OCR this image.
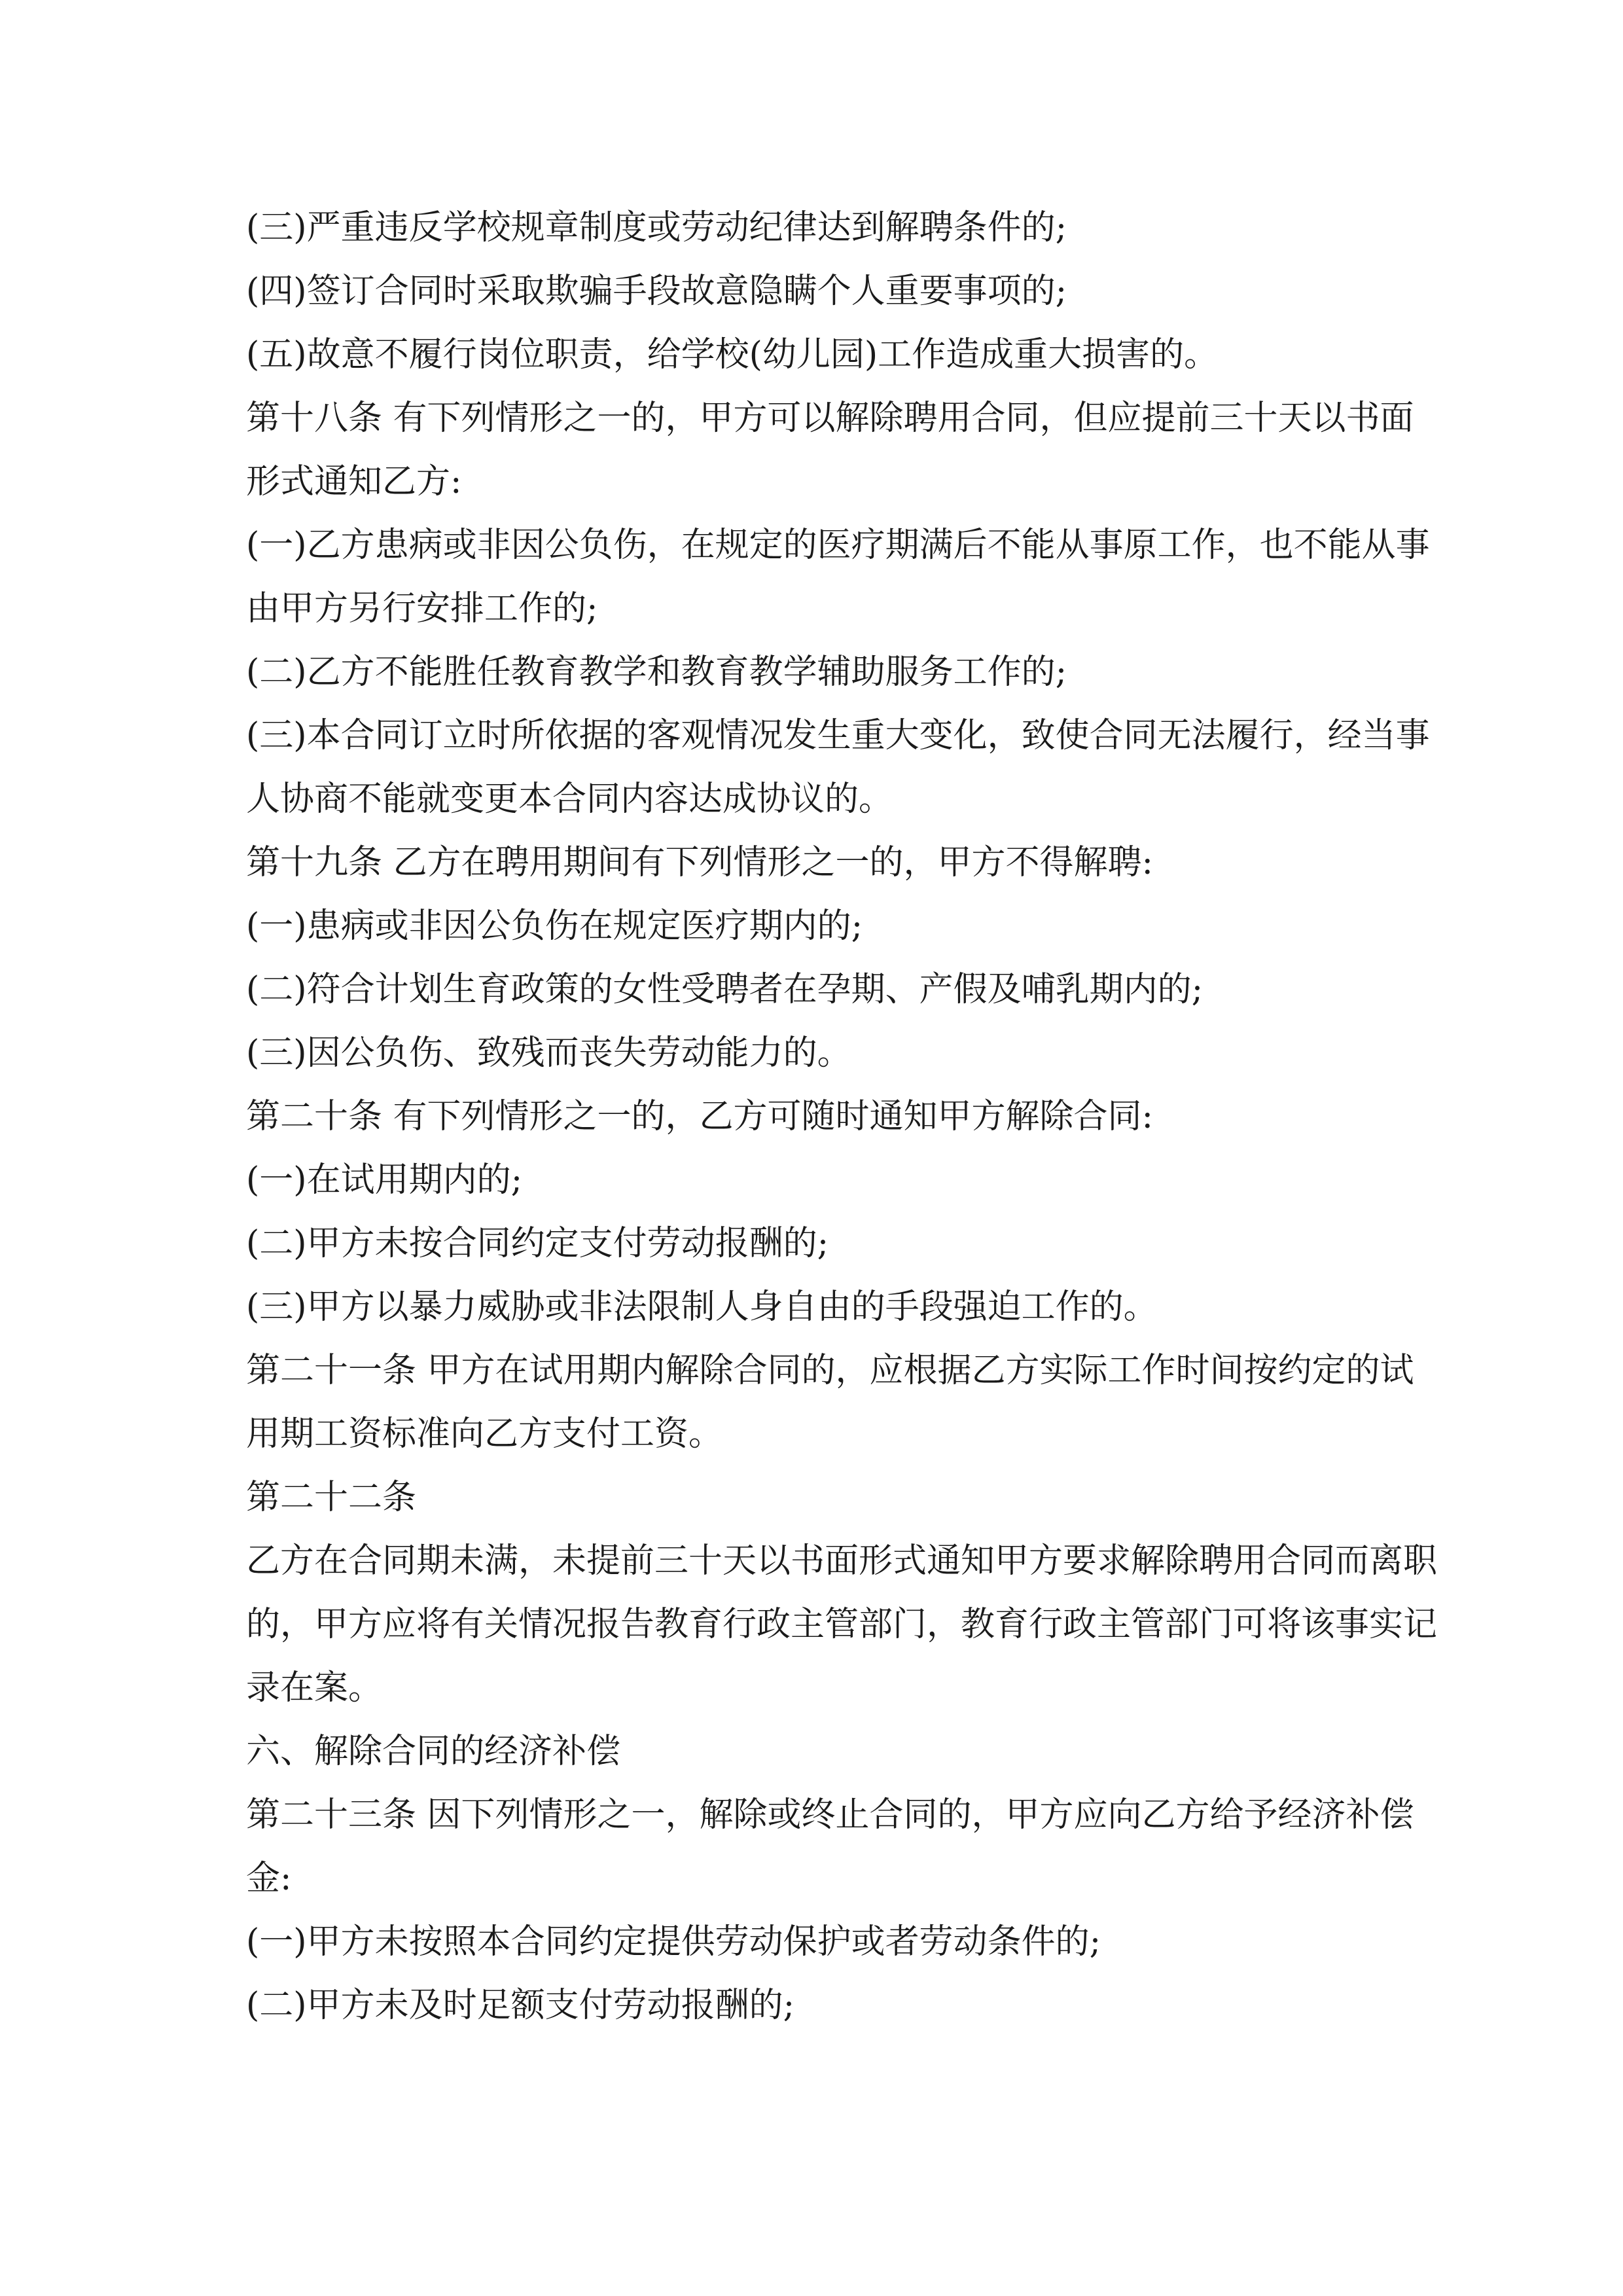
(三)严重违反学校规章制度或劳动纪律达到解聘条件的;

(四)签订合同时采取欺骗手段故意隐瞒个人重要事项的;

(五)故意不履行岗位职责，给学校(幼儿园)工作造成重大损害的。

第十八条 有下列情形之一的，甲方可以解除聘用合同，但应提前三十天以书面

形式通知乙方:

(一)乙方患病或非因公负伤，在规定的医疗期满后不能从事原工作，也不能从事

由甲方另行安排工作的;

(二)乙方不能胜任教育教学和教育教学辅助服务工作的;

(三)本合同订立时所依据的客观情况发生重大变化，致使合同无法履行，经当事

人协商不能就变更本合同内容达成协议的。

第十九条 乙方在聘用期间有下列情形之一的，甲方不得解聘:

(一)患病或非因公负伤在规定医疗期内的;

(二)符合计划生育政策的女性受聘者在孕期、产假及哺乳期内的;

(三)因公负伤、致残而丧失劳动能力的。

第二十条 有下列情形之一的，乙方可随时通知甲方解除合同:

(一)在试用期内的;

(二)甲方未按合同约定支付劳动报酬的;

(三)甲方以暴力威胁或非法限制人身自由的手段强迫工作的。

第二十一条 甲方在试用期内解除合同的，应根据乙方实际工作时间按约定的试

用期工资标准向乙方支付工资。

第二十二条

乙方在合同期未满，未提前三十天以书面形式通知甲方要求解除聘用合同而离职

的，甲方应将有关情况报告教育行政主管部门，教育行政主管部门可将该事实记

录在案。

六、解除合同的经济补偿

第二十三条 因下列情形之一，解除或终止合同的，甲方应向乙方给予经济补偿

金:

(一)甲方未按照本合同约定提供劳动保护或者劳动条件的;

(二)甲方未及时足额支付劳动报酬的;
